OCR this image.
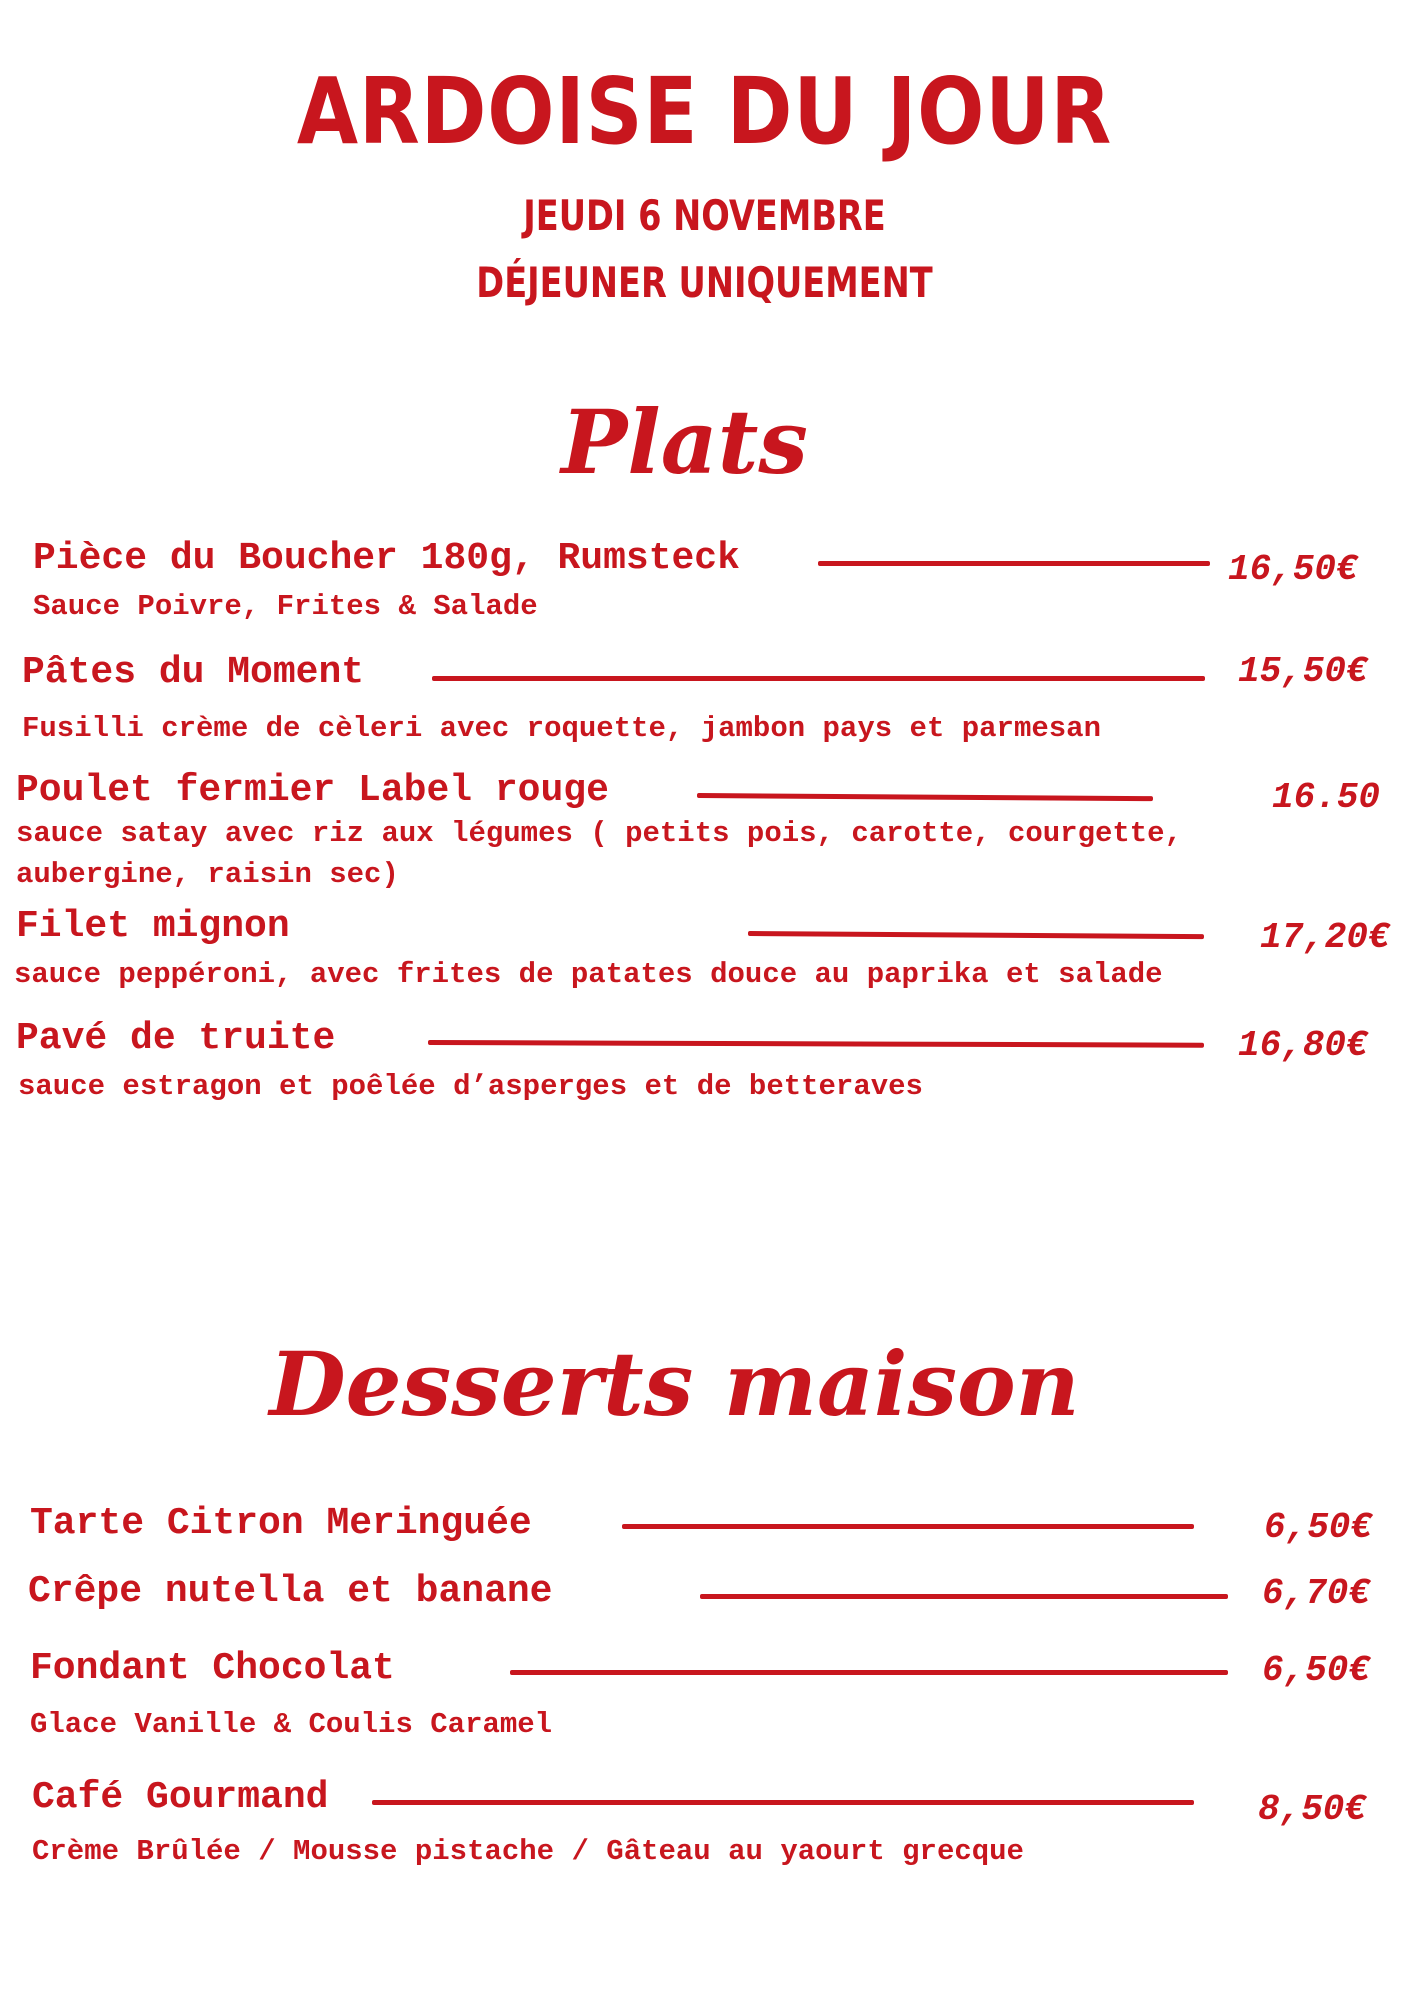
ARDOISE DU JOUR
JEUDI 6 NOVEMBRE
DÉJEUNER UNIQUEMENT
Plats
Pièce du Boucher 180g, Rumsteck	16,50€
Sauce Poivre, Frites & Salade
Pâtes du Moment	15,50€
Fusilli crème de cèleri avec roquette, jambon pays et parmesan
Poulet fermier Label rouge	16.50
sauce satay avec riz aux légumes ( petits pois, carotte, courgette,
aubergine, raisin sec)
Filet mignon	17,20€
sauce peppéroni, avec frites de patates douce au paprika et salade
Pavé de truite	16,80€
sauce estragon et poêlée d’asperges et de betteraves
Desserts maison
Tarte Citron Meringuée	6,50€
Crêpe nutella et banane	6,70€
Fondant Chocolat	6,50€
Glace Vanille & Coulis Caramel
Café Gourmand	8,50€
Crème Brûlée / Mousse pistache / Gâteau au yaourt grecque
